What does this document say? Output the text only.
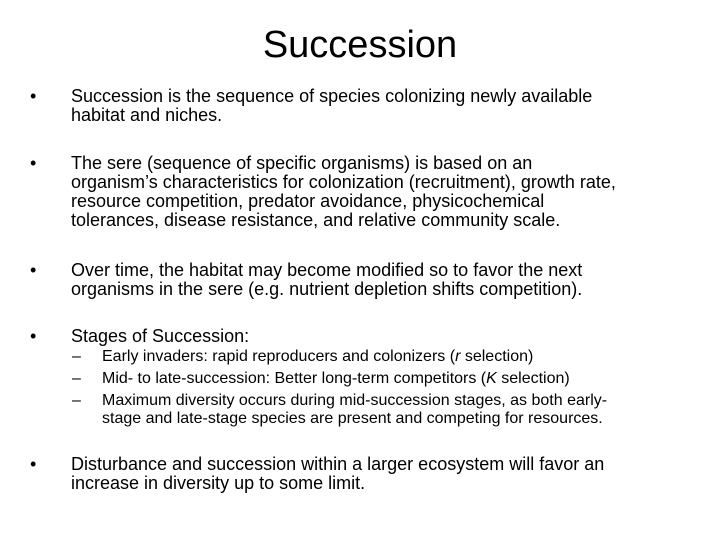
Succession
•	Succession is the sequence of species colonizing newly available
habitat and niches.
•	The sere (sequence of specific organisms) is based on an
organism’s characteristics for colonization (recruitment), growth rate,
resource competition, predator avoidance, physicochemical
tolerances, disease resistance, and relative community scale.
•	Over time, the habitat may become modified so to favor the next
organisms in the sere (e.g. nutrient depletion shifts competition).
•	Stages of Succession:
– Early invaders: rapid reproducers and colonizers (r selection)
– Mid- to late-succession: Better long-term competitors (K selection)
– Maximum diversity occurs during mid-succession stages, as both early-
stage and late-stage species are present and competing for resources.
•	Disturbance and succession within a larger ecosystem will favor an
increase in diversity up to some limit.
